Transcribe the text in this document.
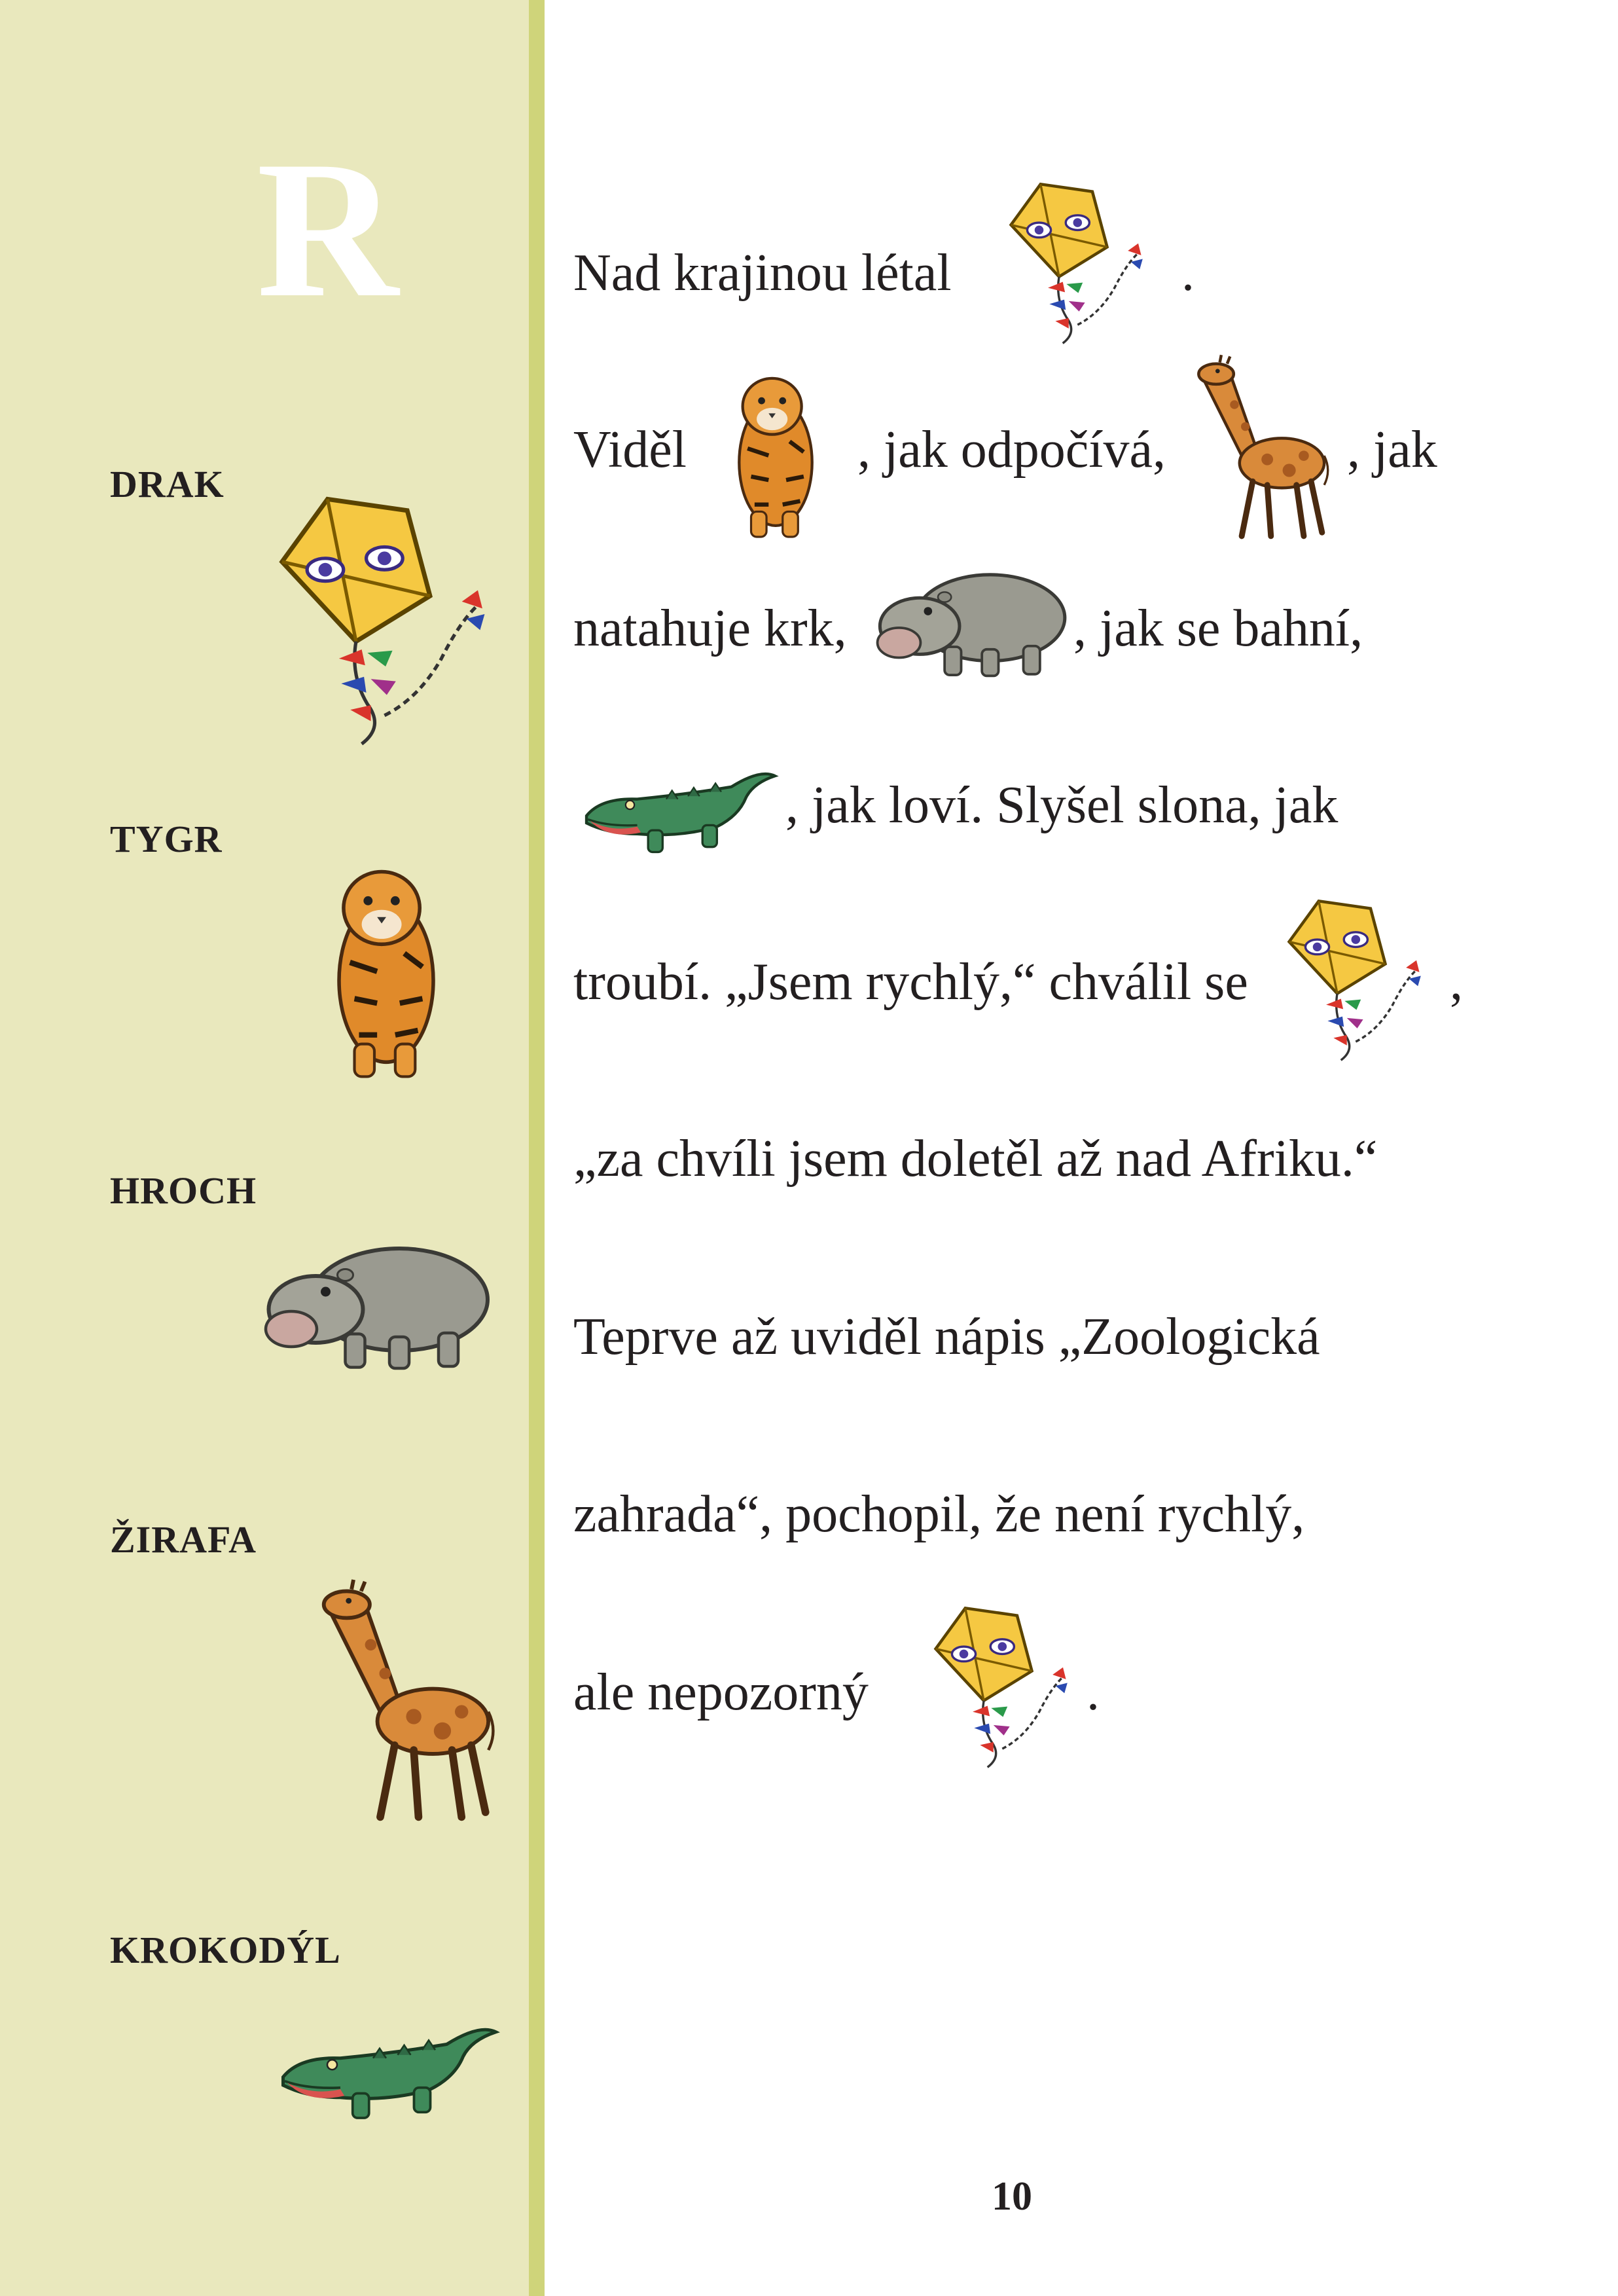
R
DRAK
TYGR
HROCH
ŽIRAFA
KROKODÝL
Nad krajinou létal	.
Viděl	, jak odpočívá,	, jak
natahuje krk,	, jak se bahní,
, jak loví. Slyšel slona, jak
troubí. „Jsem rychlý,“ chválil se	,
„za chvíli jsem doletěl až nad Afriku.“
Teprve až uviděl nápis „Zoologická
zahrada“, pochopil, že není rychlý,
ale nepozorný	.
10
